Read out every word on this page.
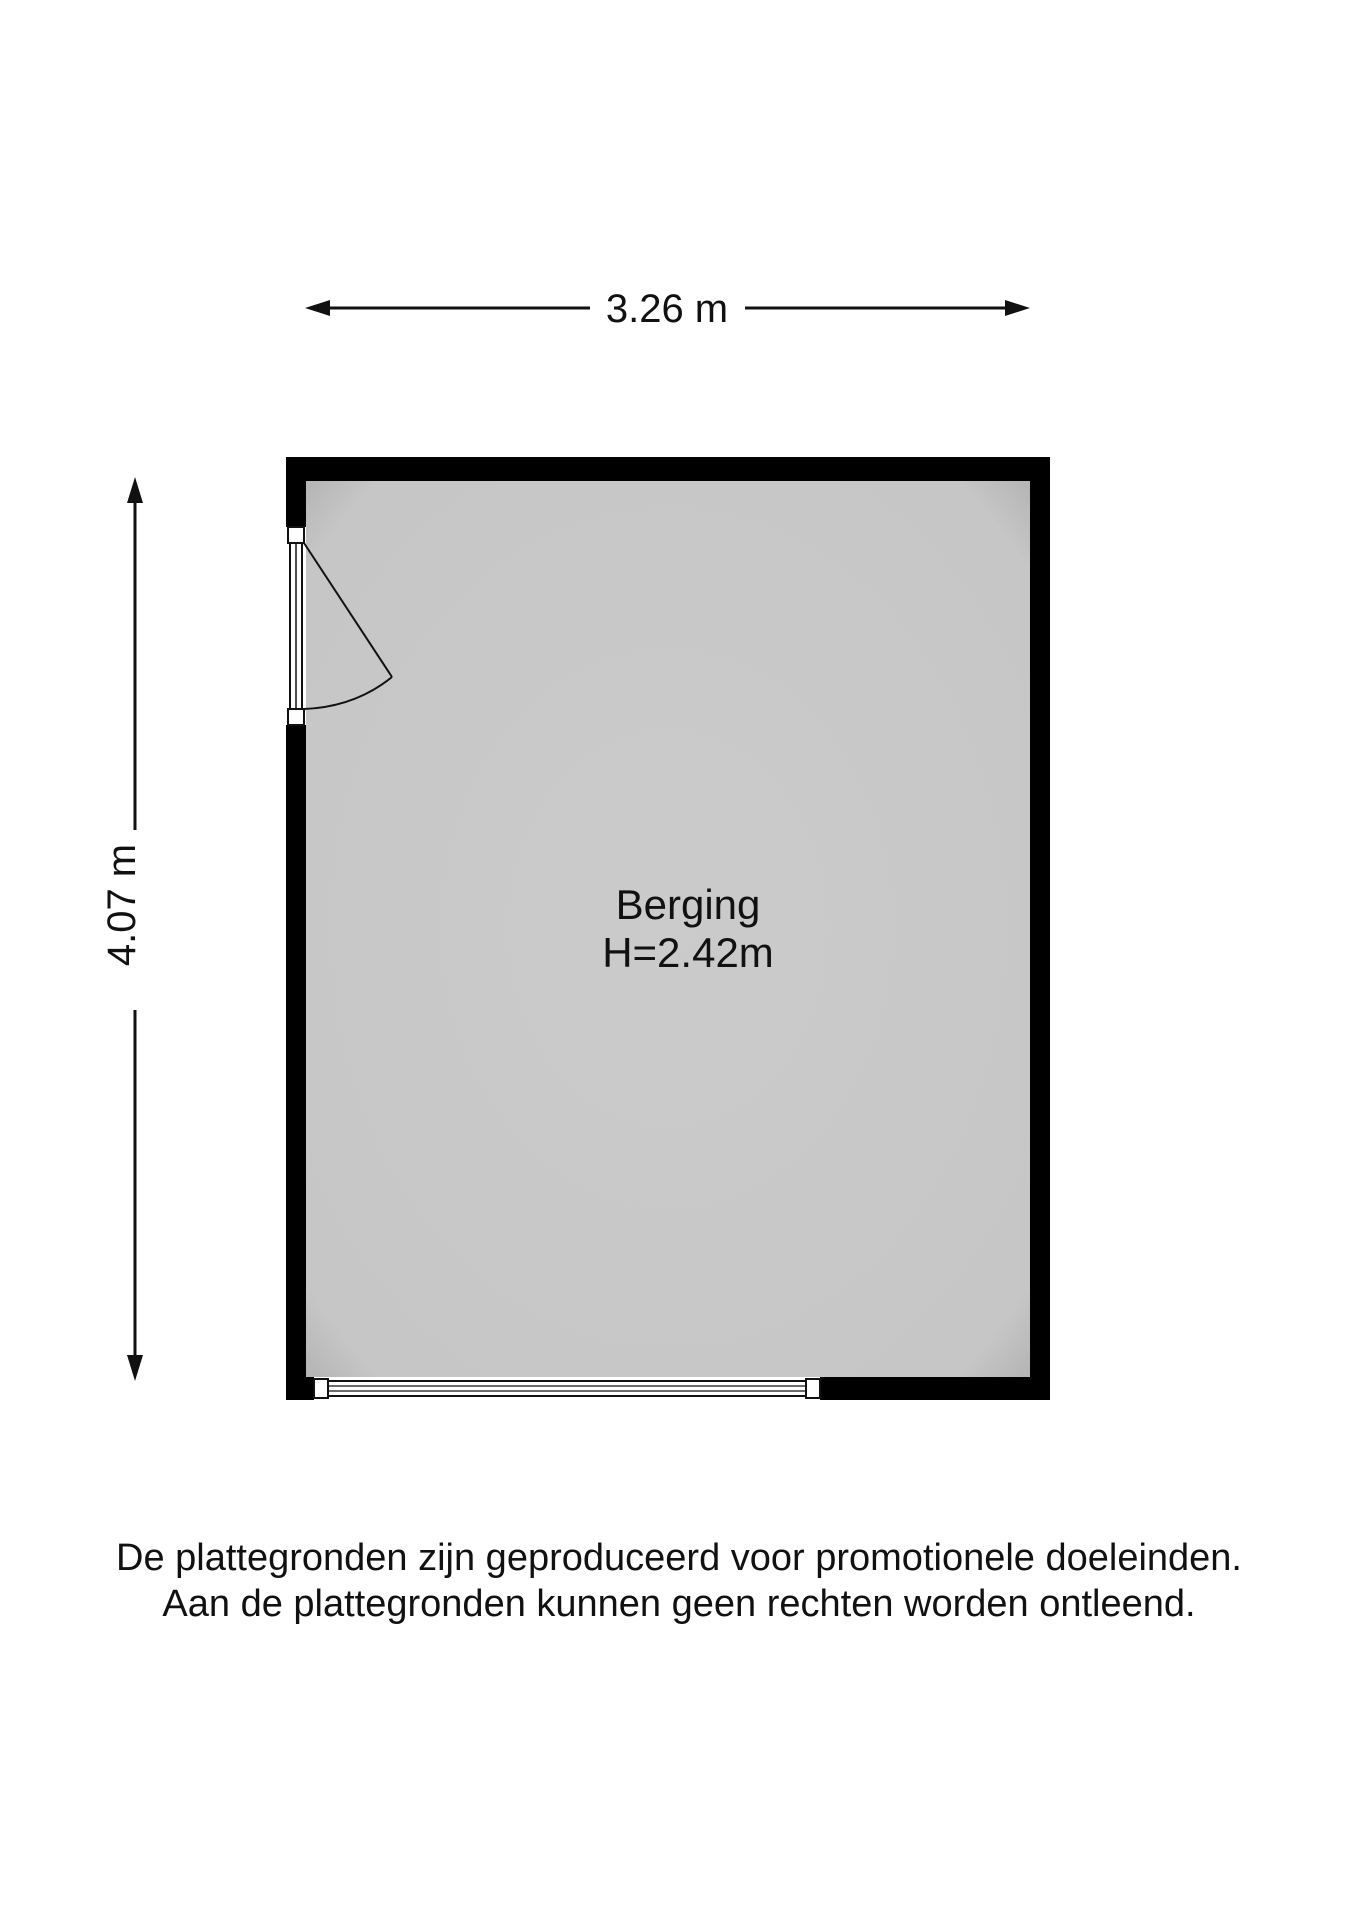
3.26 m
4.07 m	Berging
H=2.42m
De plattegronden zijn geproduceerd voor promotionele doeleinden.
Aan de plattegronden kunnen geen rechten worden ontleend.
